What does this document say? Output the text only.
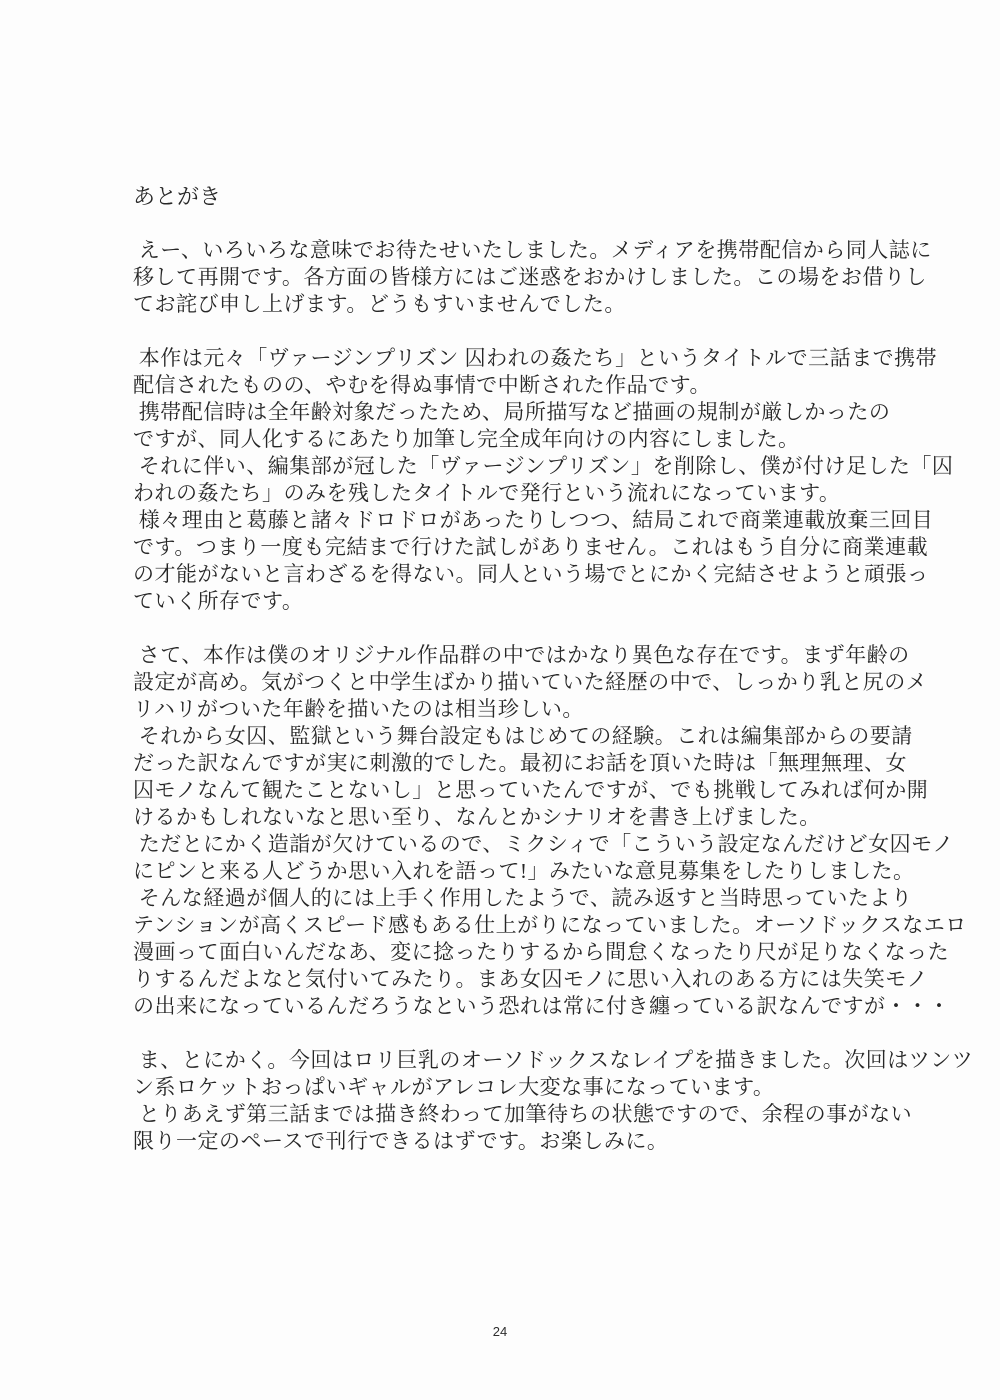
あとがき
えー、いろいろな意味でお待たせいたしました。メディアを携帯配信から同人誌に
移して再開です。各方面の皆様方にはご迷惑をおかけしました。この場をお借りし
てお詫び申し上げます。どうもすいませんでした。
本作は元々「ヴァージンプリズン 囚われの姦たち」というタイトルで三話まで携帯
配信されたものの、やむを得ぬ事情で中断された作品です。
携帯配信時は全年齢対象だったため、局所描写など描画の規制が厳しかったの
ですが、同人化するにあたり加筆し完全成年向けの内容にしました。
それに伴い、編集部が冠した「ヴァージンプリズン」を削除し、僕が付け足した「囚
われの姦たち」のみを残したタイトルで発行という流れになっています。
様々理由と葛藤と諸々ドロドロがあったりしつつ、結局これで商業連載放棄三回目
です。つまり一度も完結まで行けた試しがありません。これはもう自分に商業連載
の才能がないと言わざるを得ない。同人という場でとにかく完結させようと頑張っ
ていく所存です。
さて、本作は僕のオリジナル作品群の中ではかなり異色な存在です。まず年齢の
設定が高め。気がつくと中学生ばかり描いていた経歴の中で、しっかり乳と尻のメ
リハリがついた年齢を描いたのは相当珍しい。
それから女囚、監獄という舞台設定もはじめての経験。これは編集部からの要請
だった訳なんですが実に刺激的でした。最初にお話を頂いた時は「無理無理、女
囚モノなんて観たことないし」と思っていたんですが、でも挑戦してみれば何か開
けるかもしれないなと思い至り、なんとかシナリオを書き上げました。
ただとにかく造詣が欠けているので、ミクシィで「こういう設定なんだけど女囚モノ
にピンと来る人どうか思い入れを語って!」みたいな意見募集をしたりしました。
そんな経過が個人的には上手く作用したようで、読み返すと当時思っていたより
テンションが高くスピード感もある仕上がりになっていました。オーソドックスなエロ
漫画って面白いんだなあ、変に捻ったりするから間怠くなったり尺が足りなくなった
りするんだよなと気付いてみたり。まあ女囚モノに思い入れのある方には失笑モノ
の出来になっているんだろうなという恐れは常に付き纏っている訳なんですが・・・
ま、とにかく。今回はロリ巨乳のオーソドックスなレイプを描きました。次回はツンツ
ン系ロケットおっぱいギャルがアレコレ大変な事になっています。
とりあえず第三話までは描き終わって加筆待ちの状態ですので、余程の事がない
限り一定のペースで刊行できるはずです。お楽しみに。
24
